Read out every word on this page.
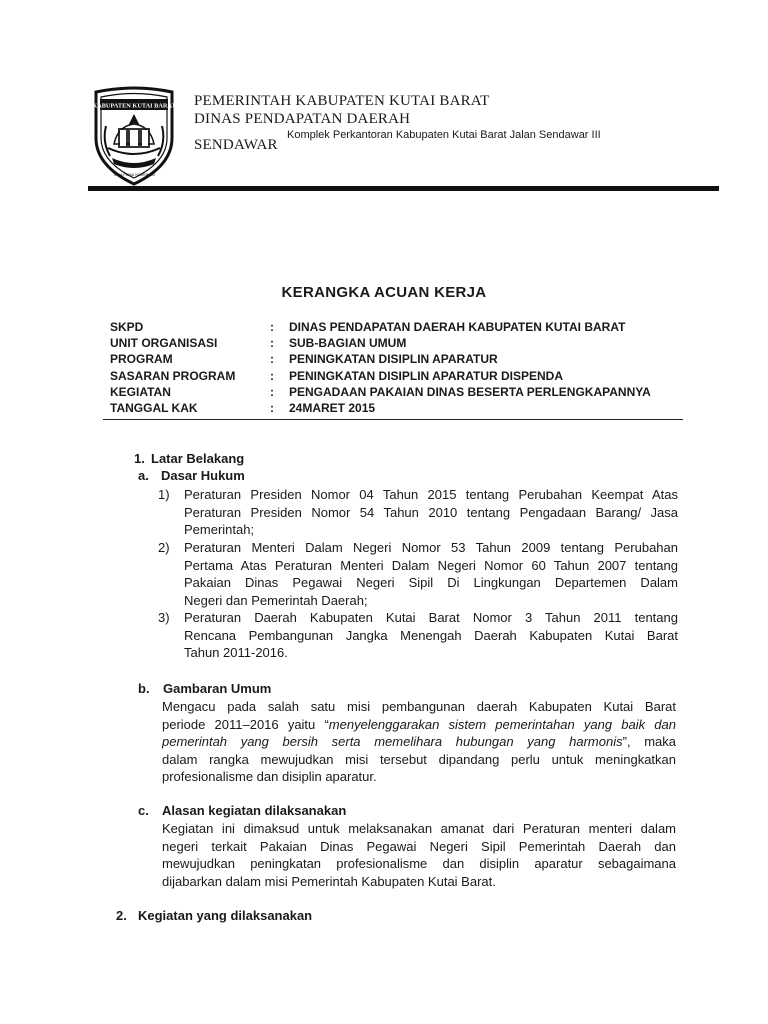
KABUPATEN KUTAI BARAT
TANA PURAI NGERIMAN
PEMERINTAH KABUPATEN KUTAI BARAT
DINAS PENDAPATAN DAERAH
Komplek Perkantoran Kabupaten Kutai Barat Jalan Sendawar III
SENDAWAR
KERANGKA ACUAN KERJA
SKPD	: DINAS PENDAPATAN DAERAH KABUPATEN KUTAI BARAT
UNIT ORGANISASI	: SUB-BAGIAN UMUM
PROGRAM	: PENINGKATAN DISIPLIN APARATUR
SASARAN PROGRAM	: PENINGKATAN DISIPLIN APARATUR DISPENDA
KEGIATAN	: PENGADAAN PAKAIAN DINAS BESERTA PERLENGKAPANNYA
TANGGAL KAK	: 24MARET 2015
1. Latar Belakang
a. Dasar Hukum
1) Peraturan Presiden Nomor 04 Tahun 2015 tentang Perubahan Keempat Atas
Peraturan Presiden Nomor 54 Tahun 2010 tentang Pengadaan Barang/ Jasa
Pemerintah;
2) Peraturan Menteri Dalam Negeri Nomor 53 Tahun 2009 tentang Perubahan
Pertama Atas Peraturan Menteri Dalam Negeri Nomor 60 Tahun 2007 tentang
Pakaian Dinas Pegawai Negeri Sipil Di Lingkungan Departemen Dalam
Negeri dan Pemerintah Daerah;
3) Peraturan Daerah Kabupaten Kutai Barat Nomor 3 Tahun 2011 tentang
Rencana Pembangunan Jangka Menengah Daerah Kabupaten Kutai Barat
Tahun 2011-2016.
b. Gambaran Umum
Mengacu pada salah satu misi pembangunan daerah Kabupaten Kutai Barat
periode 2011–2016 yaitu “menyelenggarakan sistem pemerintahan yang baik dan
pemerintah yang bersih serta memelihara hubungan yang harmonis”, maka
dalam rangka mewujudkan misi tersebut dipandang perlu untuk meningkatkan
profesionalisme dan disiplin aparatur.
c. Alasan kegiatan dilaksanakan
Kegiatan ini dimaksud untuk melaksanakan amanat dari Peraturan menteri dalam
negeri terkait Pakaian Dinas Pegawai Negeri Sipil Pemerintah Daerah dan
mewujudkan peningkatan profesionalisme dan disiplin aparatur sebagaimana
dijabarkan dalam misi Pemerintah Kabupaten Kutai Barat.
2. Kegiatan yang dilaksanakan
